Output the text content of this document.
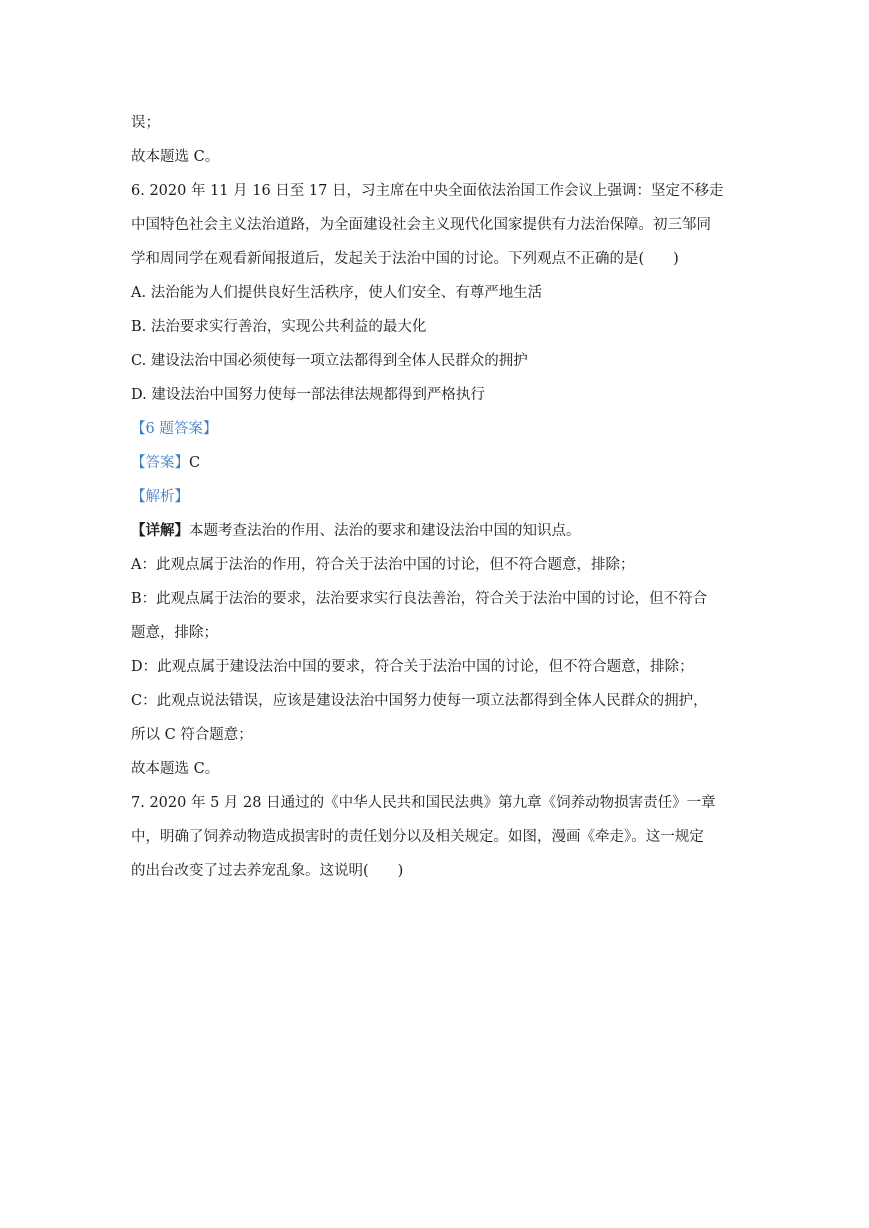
误；
故本题选 C。
6. 2020 年 11 月 16 日至 17 日，习主席在中央全面依法治国工作会议上强调：坚定不移走
中国特色社会主义法治道路，为全面建设社会主义现代化国家提供有力法治保障。初三邹同
学和周同学在观看新闻报道后，发起关于法治中国的讨论。下列观点不正确的是(　　)
A. 法治能为人们提供良好生活秩序，使人们安全、有尊严地生活
B. 法治要求实行善治，实现公共利益的最大化
C. 建设法治中国必须使每一项立法都得到全体人民群众的拥护
D. 建设法治中国努力使每一部法律法规都得到严格执行
【6 题答案】
【答案】C
【解析】
【详解】本题考查法治的作用、法治的要求和建设法治中国的知识点。
A：此观点属于法治的作用，符合关于法治中国的讨论，但不符合题意，排除；
B：此观点属于法治的要求，法治要求实行良法善治，符合关于法治中国的讨论，但不符合
题意，排除；
D：此观点属于建设法治中国的要求，符合关于法治中国的讨论，但不符合题意，排除；
C：此观点说法错误，应该是建设法治中国努力使每一项立法都得到全体人民群众的拥护，
所以 C 符合题意；
故本题选 C。
7. 2020 年 5 月 28 日通过的《中华人民共和国民法典》第九章《饲养动物损害责任》一章
中，明确了饲养动物造成损害时的责任划分以及相关规定。如图，漫画《牵走》。这一规定
的出台改变了过去养宠乱象。这说明(　　)
